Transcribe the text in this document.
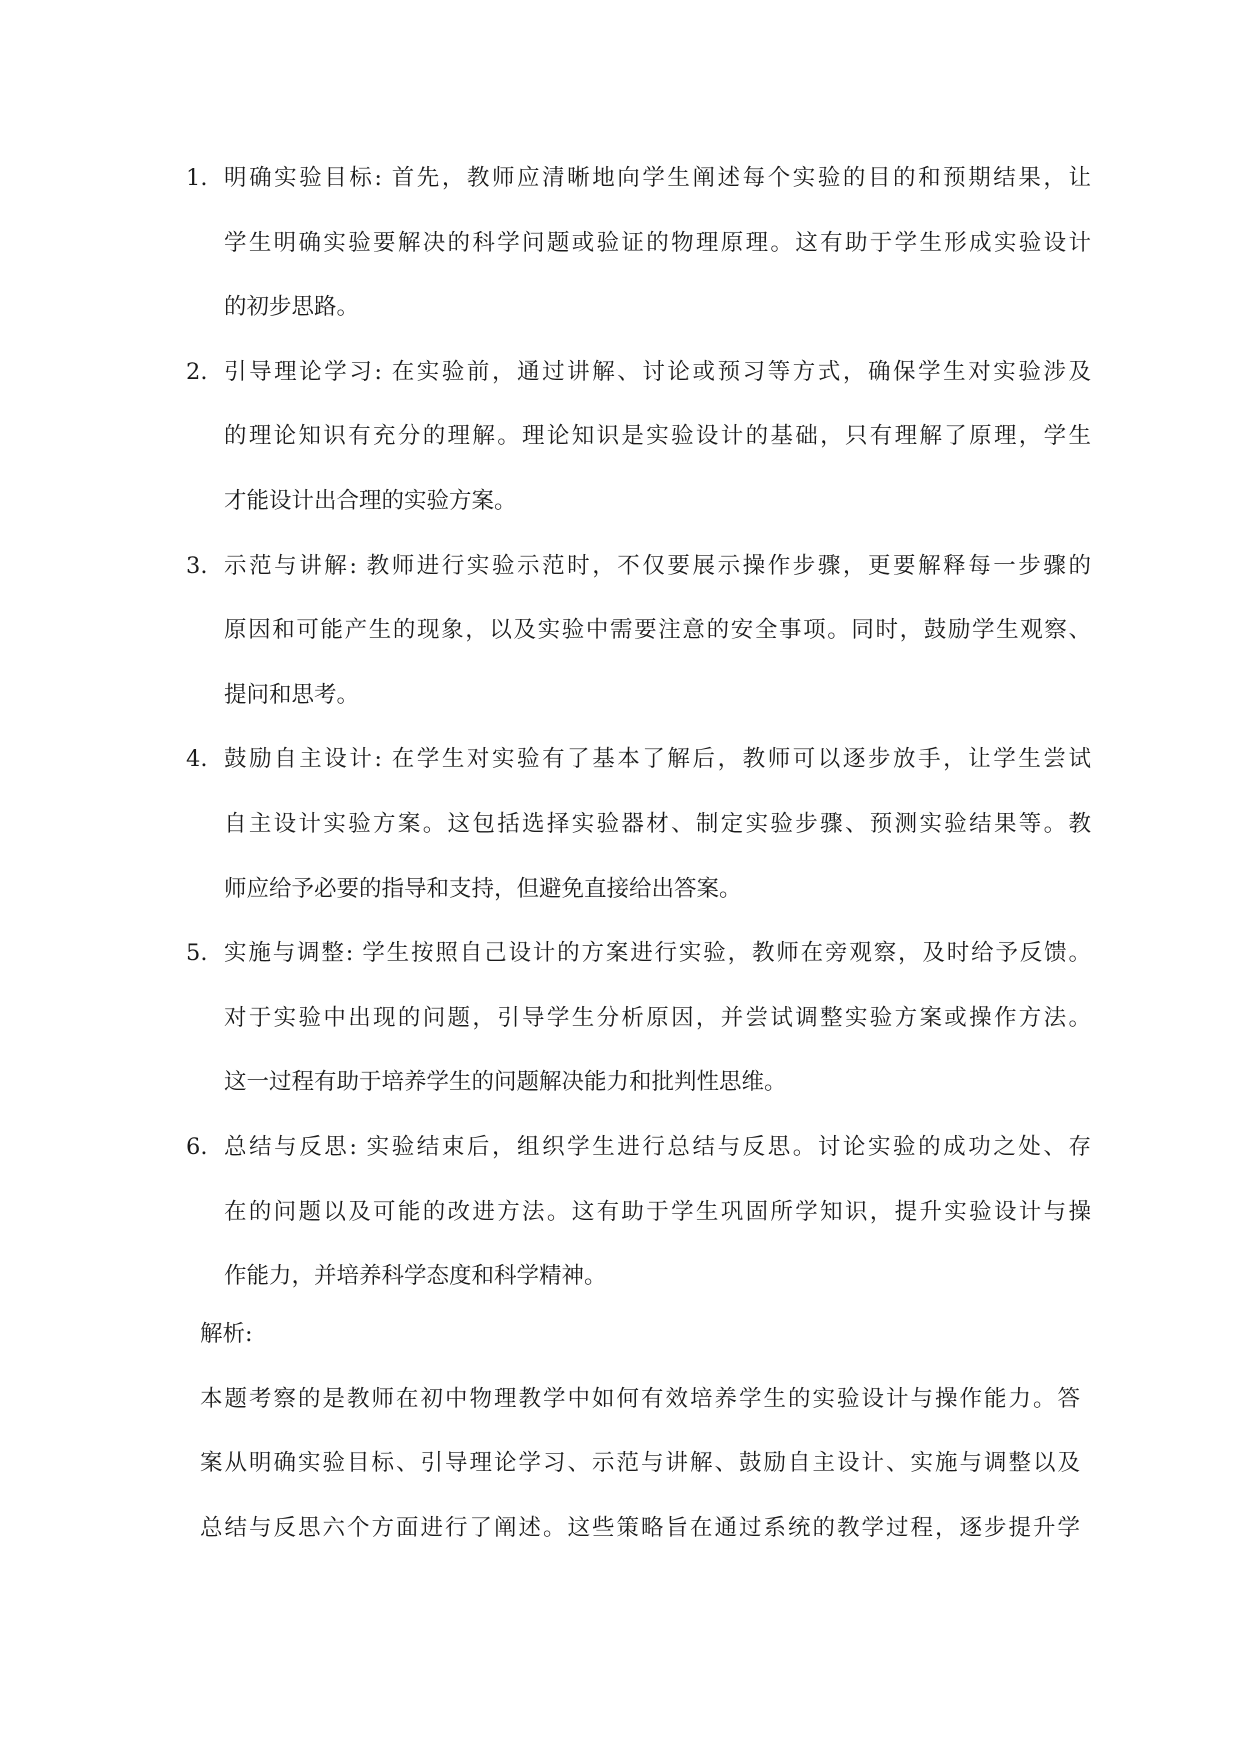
1. 明确实验目标: 首先，教师应清晰地向学生阐述每个实验的目的和预期结果，让
学生明确实验要解决的科学问题或验证的物理原理。这有助于学生形成实验设计
的初步思路。
2. 引导理论学习: 在实验前，通过讲解、讨论或预习等方式，确保学生对实验涉及
的理论知识有充分的理解。理论知识是实验设计的基础，只有理解了原理，学生
才能设计出合理的实验方案。
3. 示范与讲解: 教师进行实验示范时，不仅要展示操作步骤，更要解释每一步骤的
原因和可能产生的现象，以及实验中需要注意的安全事项。同时，鼓励学生观察、
提问和思考。
4. 鼓励自主设计: 在学生对实验有了基本了解后，教师可以逐步放手，让学生尝试
自主设计实验方案。这包括选择实验器材、制定实验步骤、预测实验结果等。教
师应给予必要的指导和支持，但避免直接给出答案。
5. 实施与调整: 学生按照自己设计的方案进行实验，教师在旁观察，及时给予反馈。
对于实验中出现的问题，引导学生分析原因，并尝试调整实验方案或操作方法。
这一过程有助于培养学生的问题解决能力和批判性思维。
6. 总结与反思: 实验结束后，组织学生进行总结与反思。讨论实验的成功之处、存
在的问题以及可能的改进方法。这有助于学生巩固所学知识，提升实验设计与操
作能力，并培养科学态度和科学精神。
解析:
本题考察的是教师在初中物理教学中如何有效培养学生的实验设计与操作能力。答
案从明确实验目标、引导理论学习、示范与讲解、鼓励自主设计、实施与调整以及
总结与反思六个方面进行了阐述。这些策略旨在通过系统的教学过程，逐步提升学
